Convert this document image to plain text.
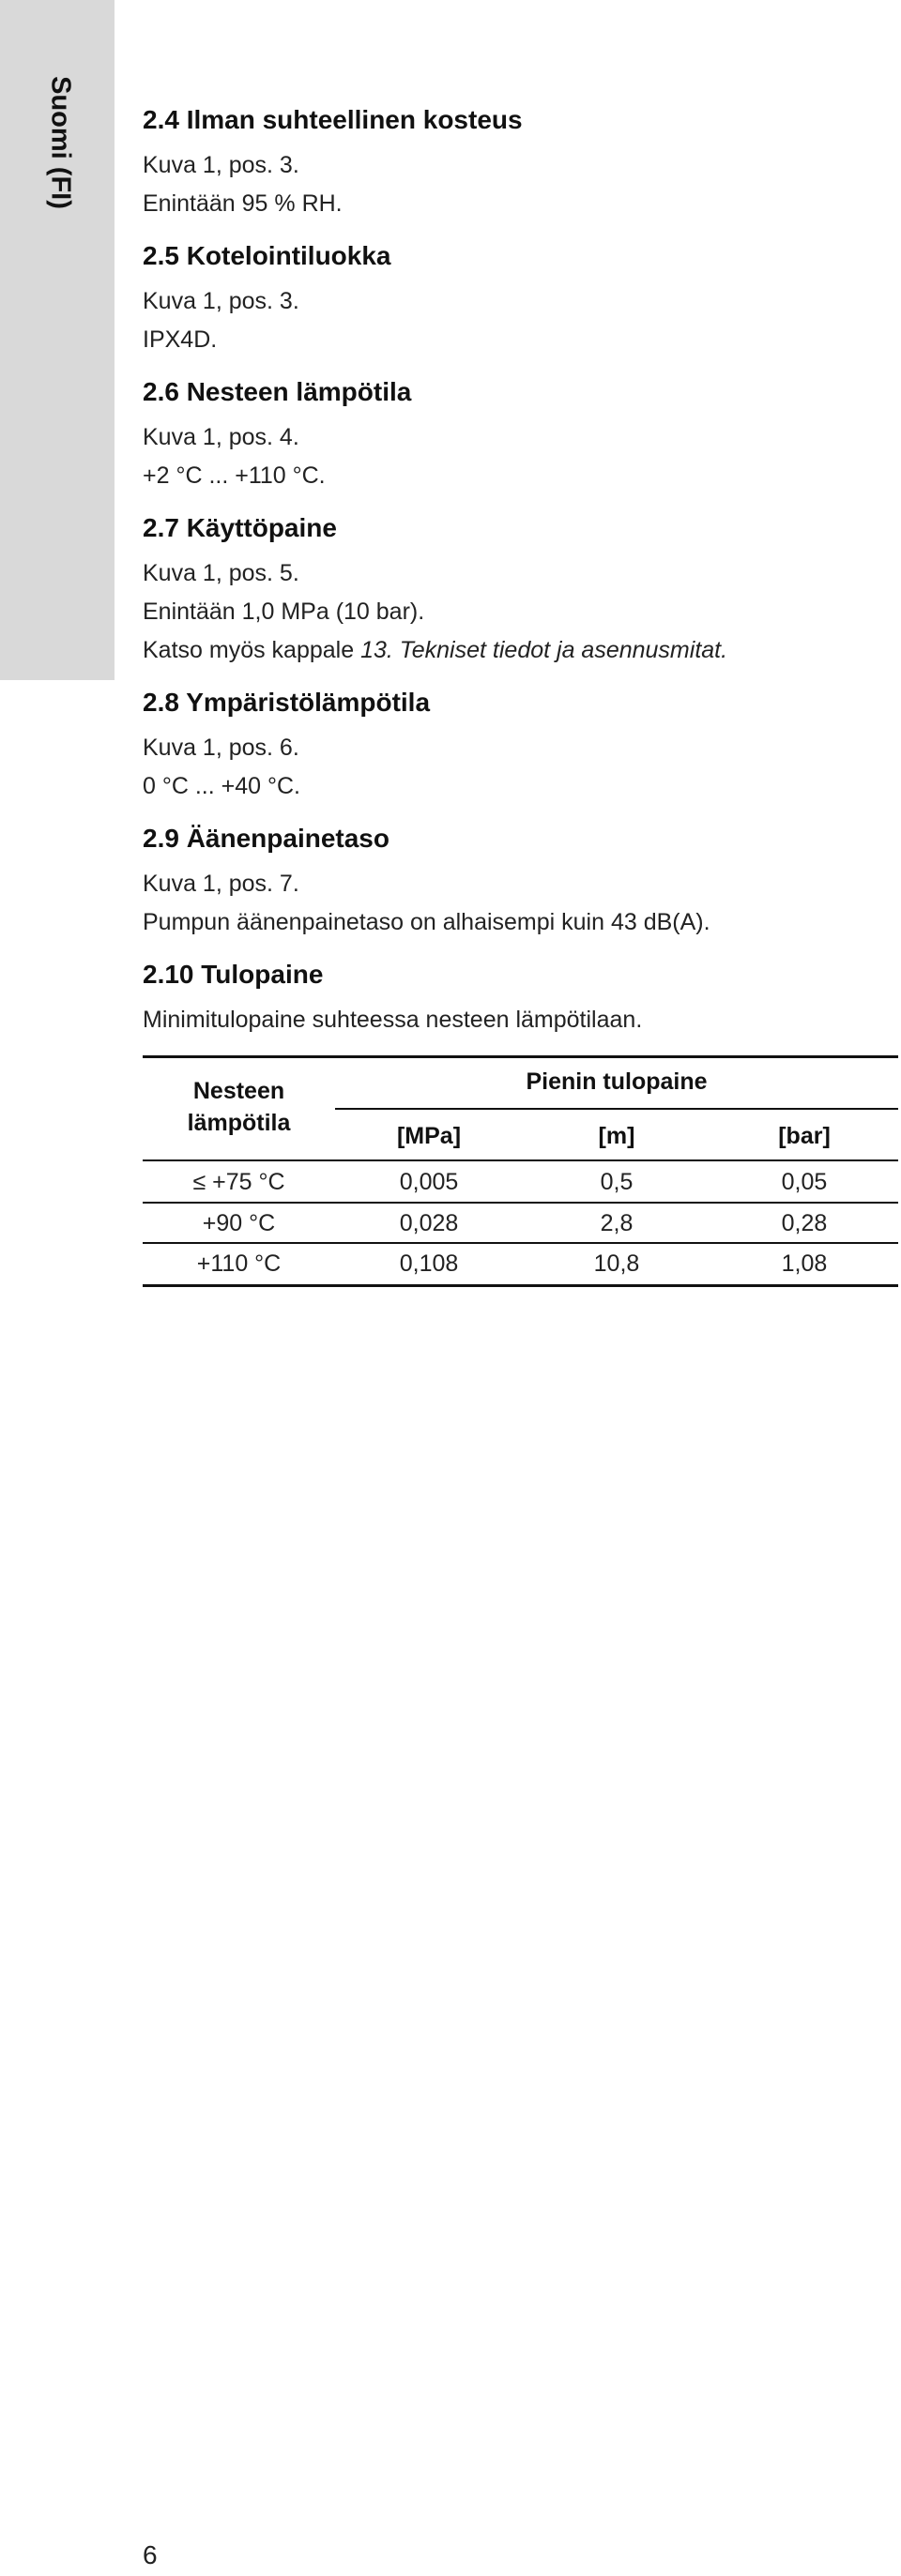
Suomi (FI)	2.4 Ilman suhteellinen kosteus
Kuva 1, pos. 3.
Enintään 95 % RH.
2.5 Kotelointiluokka
Kuva 1, pos. 3.
IPX4D.
2.6 Nesteen lämpötila
Kuva 1, pos. 4.
+2 °C ... +110 °C.
2.7 Käyttöpaine
Kuva 1, pos. 5.
Enintään 1,0 MPa (10 bar).
Katso myös kappale 13. Tekniset tiedot ja asennusmitat.
2.8 Ympäristölämpötila
Kuva 1, pos. 6.
0 °C ... +40 °C.
2.9 Äänenpainetaso
Kuva 1, pos. 7.
Pumpun äänenpainetaso on alhaisempi kuin 43 dB(A).
2.10 Tulopaine
Minimitulopaine suhteessa nesteen lämpötilaan.
Nesteen
lämpötila
Pienin tulopaine
[MPa]	[m]	[bar]
≤ +75 °C	0,005	0,5	0,05
+90 °C	0,028	2,8	0,28
+110 °C	0,108	10,8	1,08
6
